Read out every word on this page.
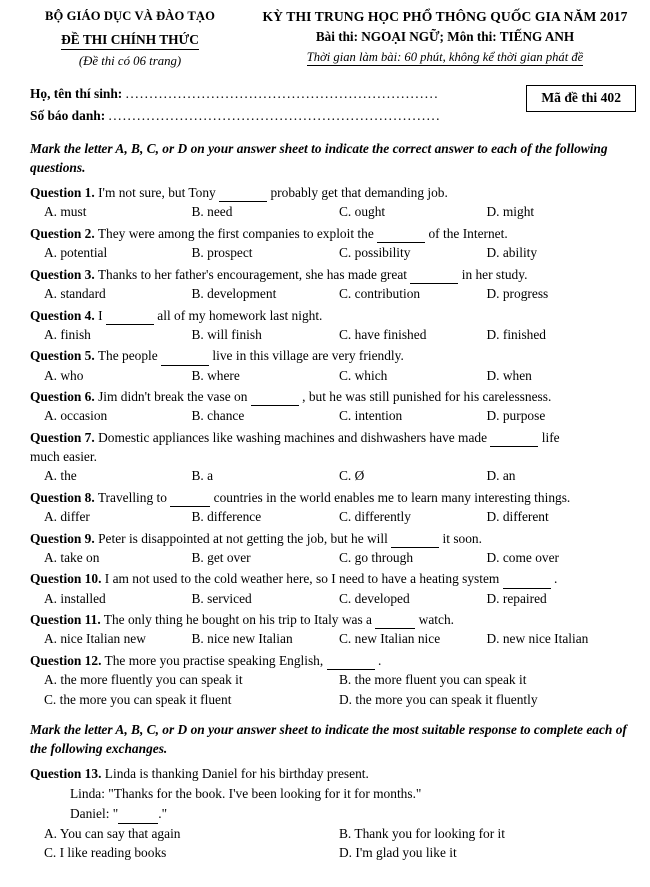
BỘ GIÁO DỤC VÀ ĐÀO TẠO
ĐỀ THI CHÍNH THỨC
(Đề thi có 06 trang)
KỲ THI TRUNG HỌC PHỔ THÔNG QUỐC GIA NĂM 2017
Bài thi: NGOẠI NGỮ; Môn thi: TIẾNG ANH
Thời gian làm bài: 60 phút, không kể thời gian phát đề
Họ, tên thí sinh: ..................................................................
Số báo danh: ......................................................................
Mã đề thi 402
Mark the letter A, B, C, or D on your answer sheet to indicate the correct answer to each of the following questions.
Question 1. I'm not sure, but Tony	probably get that demanding job.
A. must	B. need	C. ought	D. might
Question 2. They were among the first companies to exploit the	of the Internet.
A. potential	B. prospect	C. possibility	D. ability
Question 3. Thanks to her father's encouragement, she has made great	in her study.
A. standard	B. development	C. contribution	D. progress
Question 4. I	all of my homework last night.
A. finish	B. will finish	C. have finished	D. finished
Question 5. The people	live in this village are very friendly.
A. who	B. where	C. which	D. when
Question 6. Jim didn't break the vase on	, but he was still punished for his carelessness.
A. occasion	B. chance	C. intention	D. purpose
Question 7. Domestic appliances like washing machines and dishwashers have made	life
much easier.
A. the	B. a	C. Ø	D. an
Question 8. Travelling to	countries in the world enables me to learn many interesting things.
A. differ	B. difference	C. differently	D. different
Question 9. Peter is disappointed at not getting the job, but he will	it soon.
A. take on	B. get over	C. go through	D. come over
Question 10. I am not used to the cold weather here, so I need to have a heating system	.
A. installed	B. serviced	C. developed	D. repaired
Question 11. The only thing he bought on his trip to Italy was a	watch.
A. nice Italian new	B. nice new Italian	C. new Italian nice	D. new nice Italian
Question 12. The more you practise speaking English,	.
A. the more fluently you can speak it	B. the more fluent you can speak it
C. the more you can speak it fluent	D. the more you can speak it fluently
Mark the letter A, B, C, or D on your answer sheet to indicate the most suitable response to complete each of the following exchanges.
Question 13. Linda is thanking Daniel for his birthday present.
Linda: "Thanks for the book. I've been looking for it for months."
Daniel: "	."
A. You can say that again	B. Thank you for looking for it
C. I like reading books	D. I'm glad you like it
